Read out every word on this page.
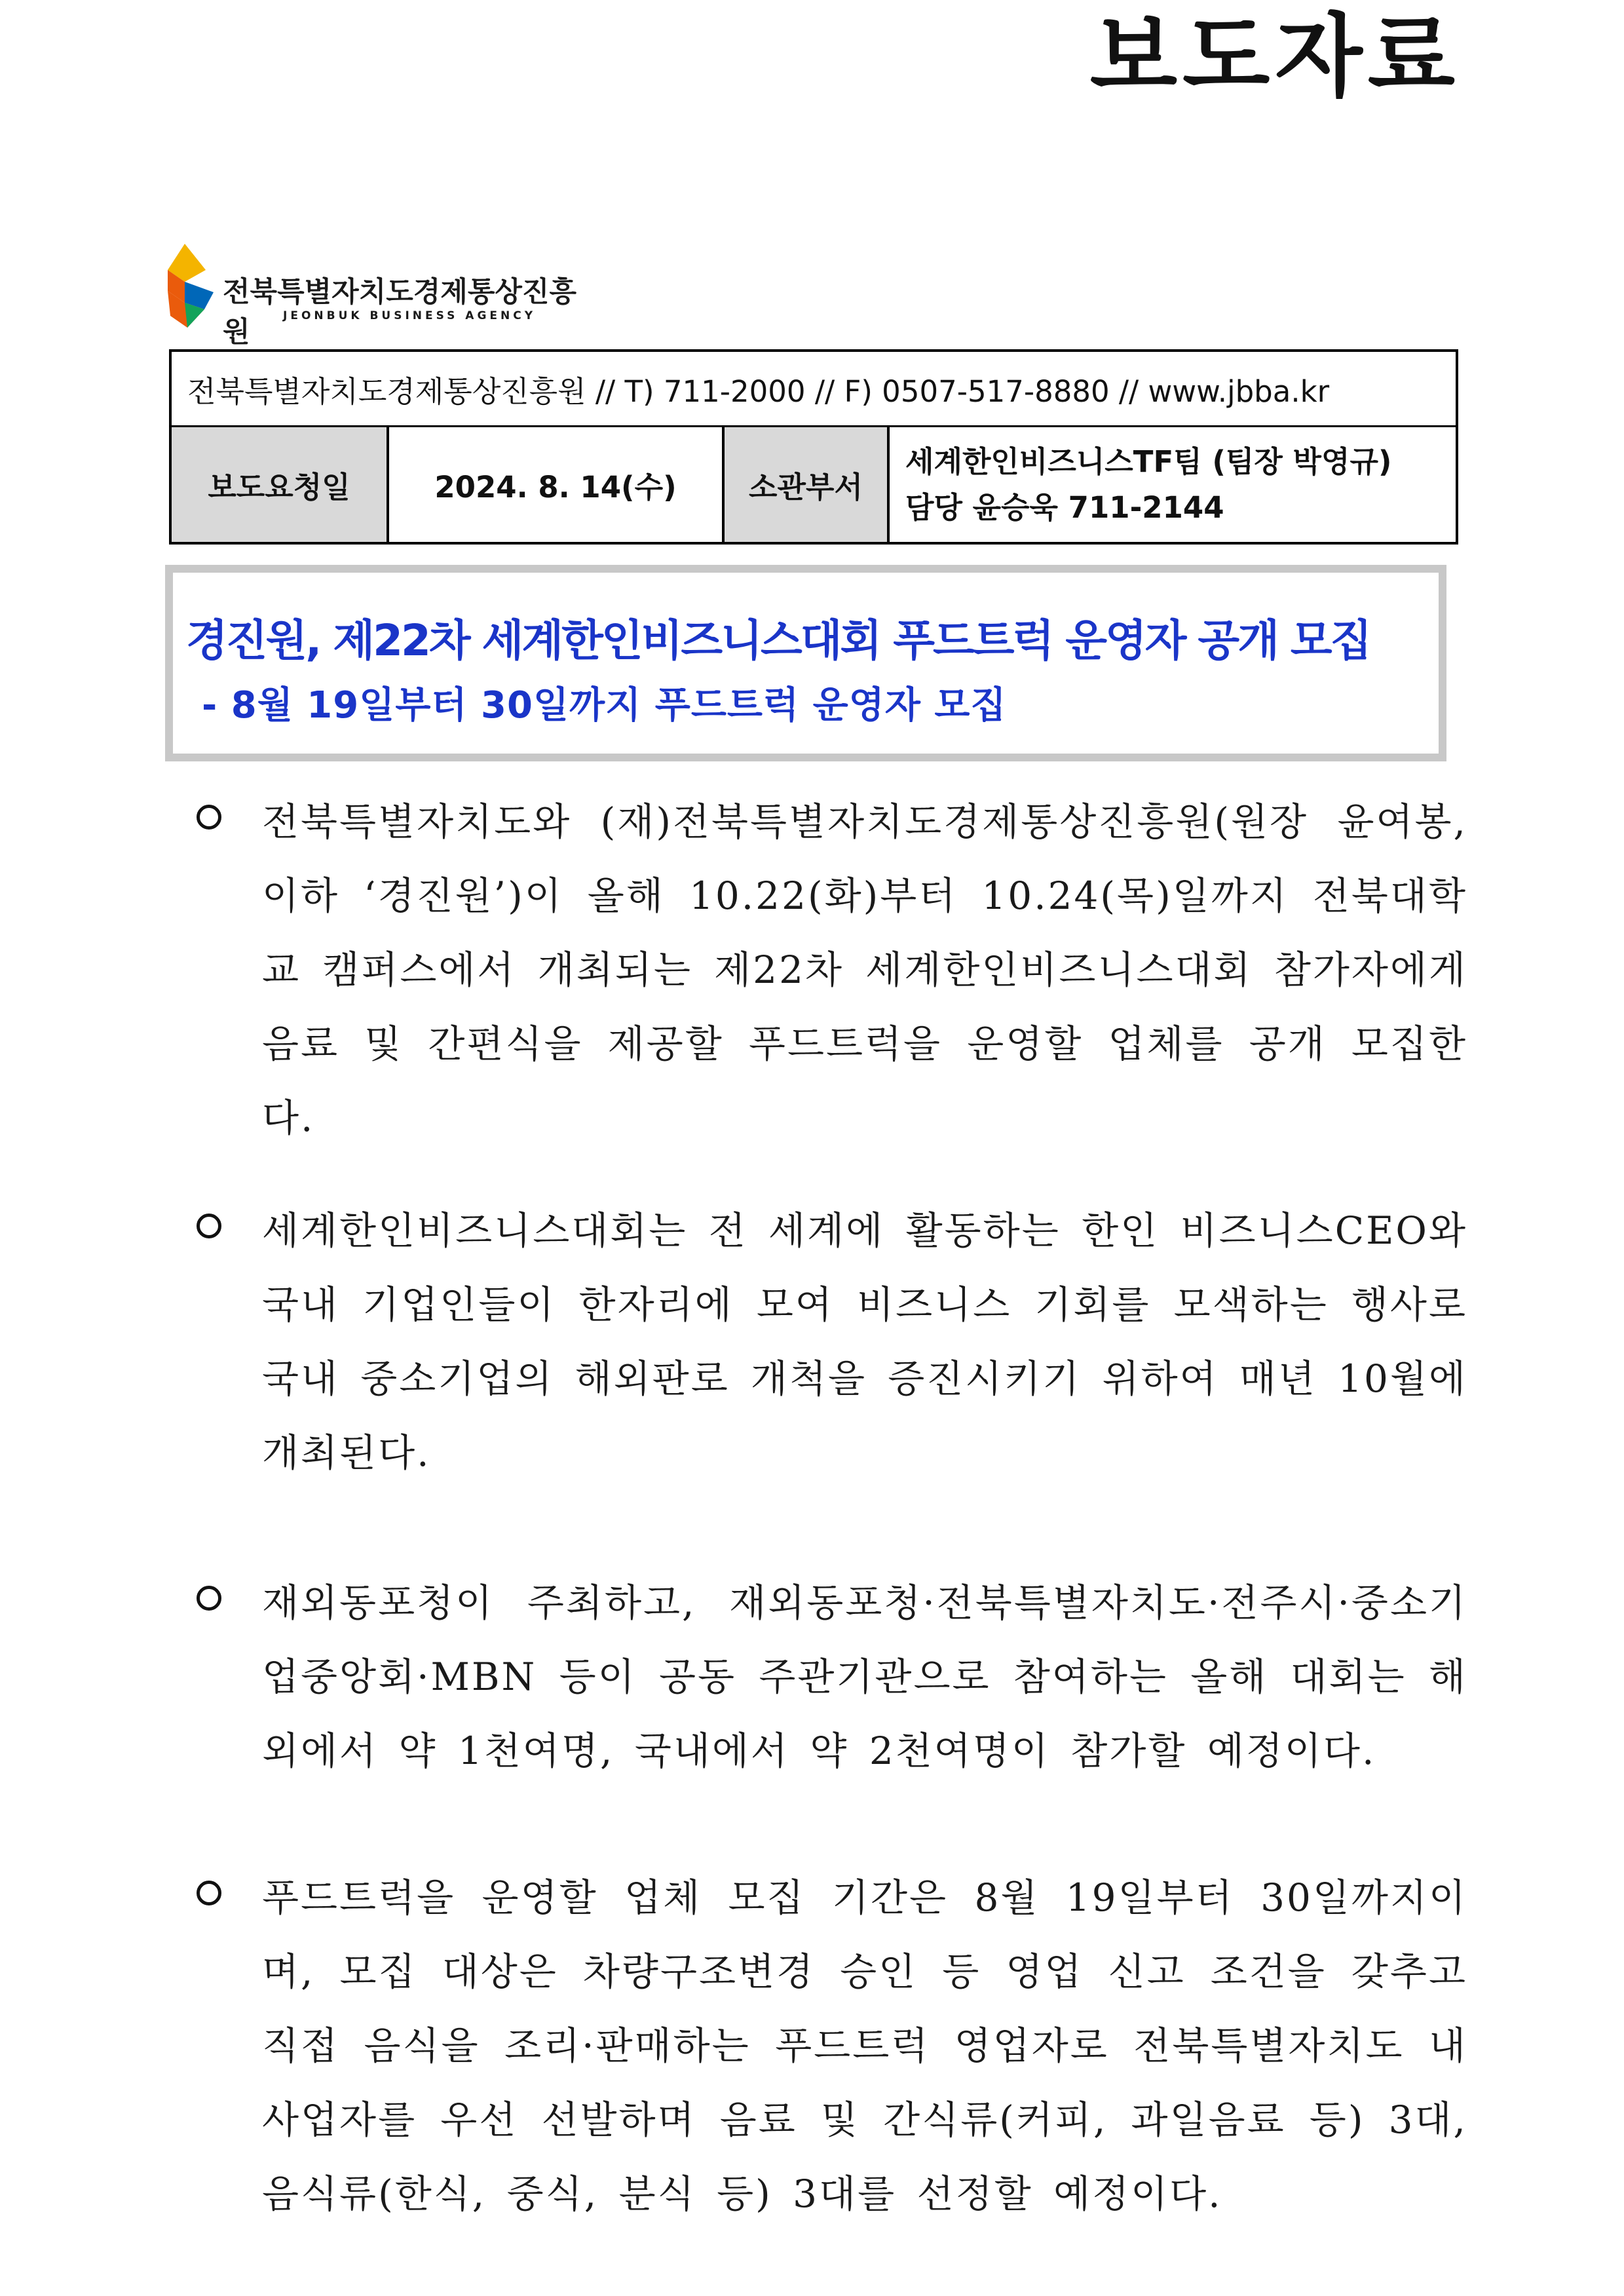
보도자료
전북특별자치도경제통상진흥원	JEONBUK BUSINESS AGENCY
전북특별자치도경제통상진흥원 // T) 711-2000 // F) 0507-517-8880 // www.jbba.kr
보도요청일	2024. 8. 14(수)	소관부서	
세계한인비즈니스TF팀 (팀장 박영규)
담당 윤승욱 711-2144
경진원, 제22차 세계한인비즈니스대회 푸드트럭 운영자 공개 모집
- 8월 19일부터 30일까지 푸드트럭 운영자 모집
전북특별자치도와 (재)전북특별자치도경제통상진흥원(원장 윤여봉, 이하 ‘경진원’)이 올해 10.22(화)부터 10.24(목)일까지 전북대학교 캠퍼스에서 개최되는 제22차 세계한인비즈니스대회 참가자에게 음료 및 간편식을 제공할 푸드트럭을 운영할 업체를 공개 모집한다.
세계한인비즈니스대회는 전 세계에 활동하는 한인 비즈니스CEO와 국내 기업인들이 한자리에 모여 비즈니스 기회를 모색하는 행사로 국내 중소기업의 해외판로 개척을 증진시키기 위하여 매년 10월에 개최된다.
재외동포청이 주최하고, 재외동포청·전북특별자치도·전주시·중소기업중앙회·MBN 등이 공동 주관기관으로 참여하는 올해 대회는 해외에서 약 1천여명, 국내에서 약 2천여명이 참가할 예정이다.
푸드트럭을 운영할 업체 모집 기간은 8월 19일부터 30일까지이며, 모집 대상은 차량구조변경 승인 등 영업 신고 조건을 갖추고 직접 음식을 조리·판매하는 푸드트럭 영업자로 전북특별자치도 내 사업자를 우선 선발하며 음료 및 간식류(커피, 과일음료 등) 3대, 음식류(한식, 중식, 분식 등) 3대를 선정할 예정이다.
